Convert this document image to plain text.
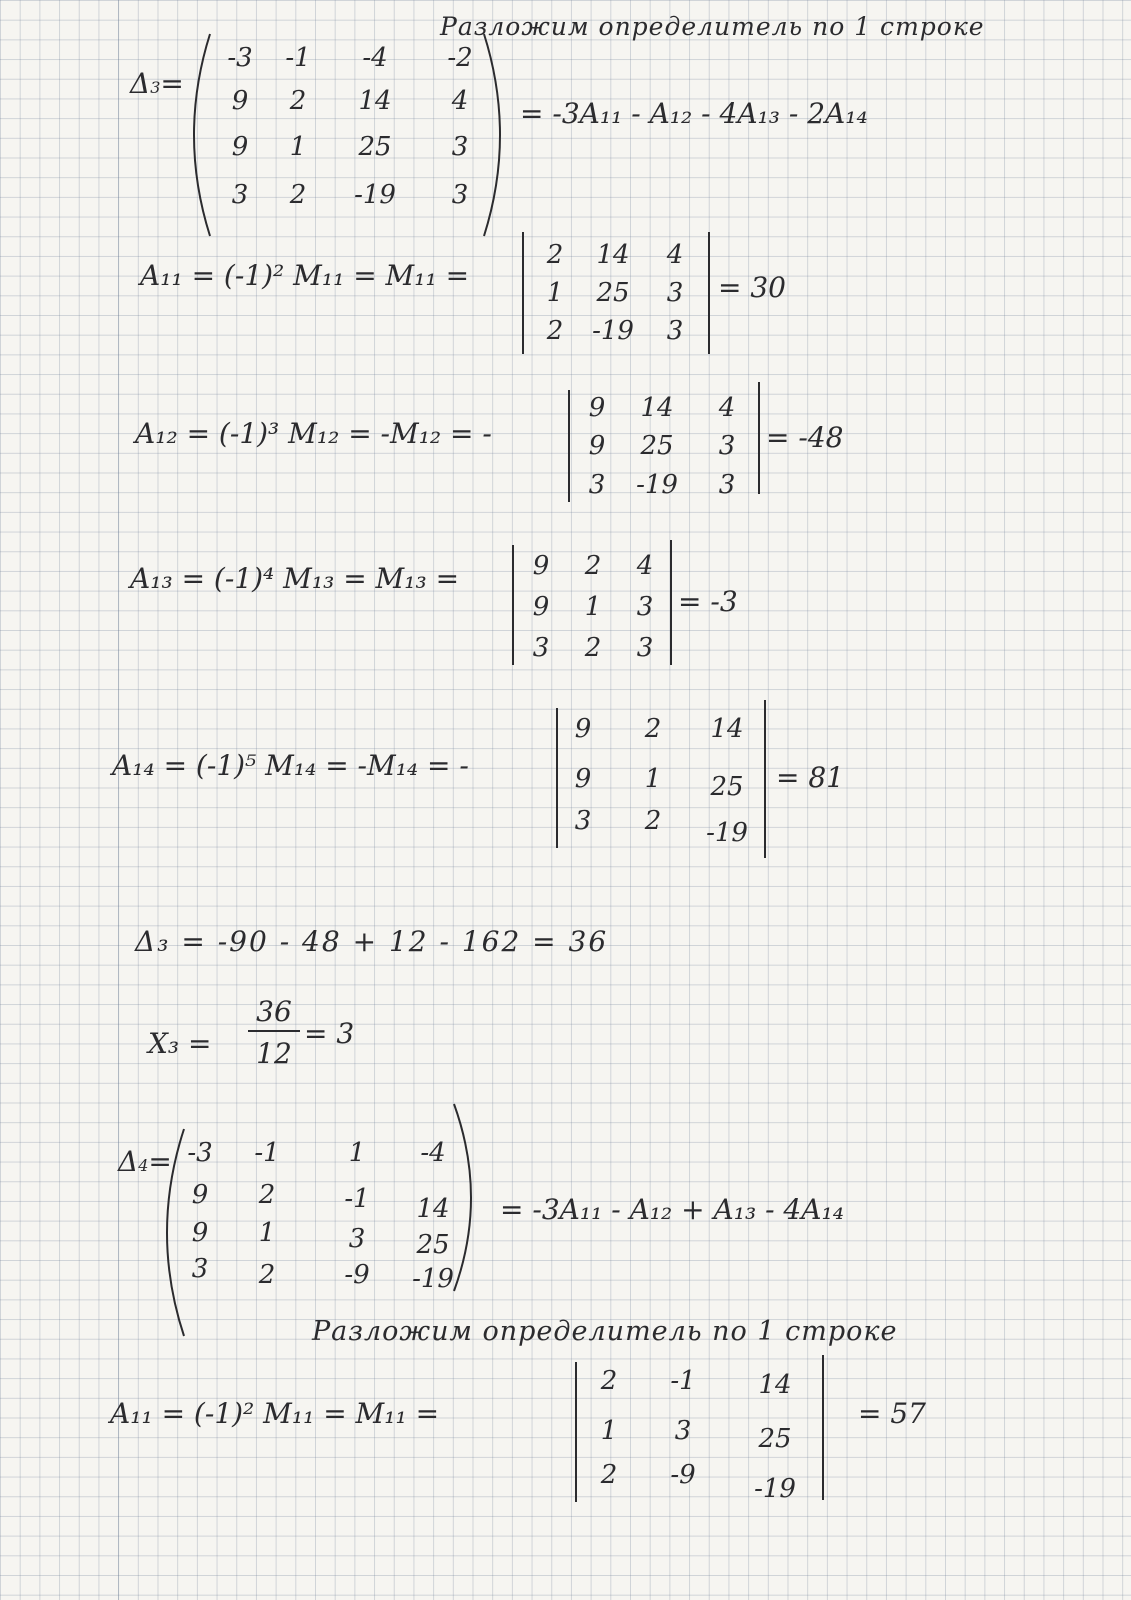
Разложим определитель по 1 строке
Δ3=
-3	-1	-4	-2
9	2	14	4
9	1	25	3
3	2	-19	3
= -3A₁₁ - A₁₂ - 4A₁₃ - 2A₁₄
A₁₁ = (-1)² M₁₁ = M₁₁ =
2	14	4
1	25	3
2	-19	3
= 30
A₁₂ = (-1)³ M₁₂ = -M₁₂ = -
9	14	4
9	25	3
3	-19	3
= -48
A₁₃ = (-1)⁴ M₁₃ = M₁₃ =	9	2	4
9	1	3
3	2	3
= -3
A₁₄ = (-1)⁵ M₁₄ = -M₁₄ = -
9	2	14
9	1	25
3	2	-19
= 81
Δ₃ = -90 - 48 + 12 - 162 = 36
X₃ =
36
12
= 3
Δ4= -3	-1	1	-4
9	2	-1	14
9	1	3	25
3	2	-9	-19
= -3A₁₁ - A₁₂ + A₁₃ - 4A₁₄
Разложим определитель по 1 строке
A₁₁ = (-1)² M₁₁ = M₁₁ =
2	-1	14
1	3	25
2	-9	-19
= 57
